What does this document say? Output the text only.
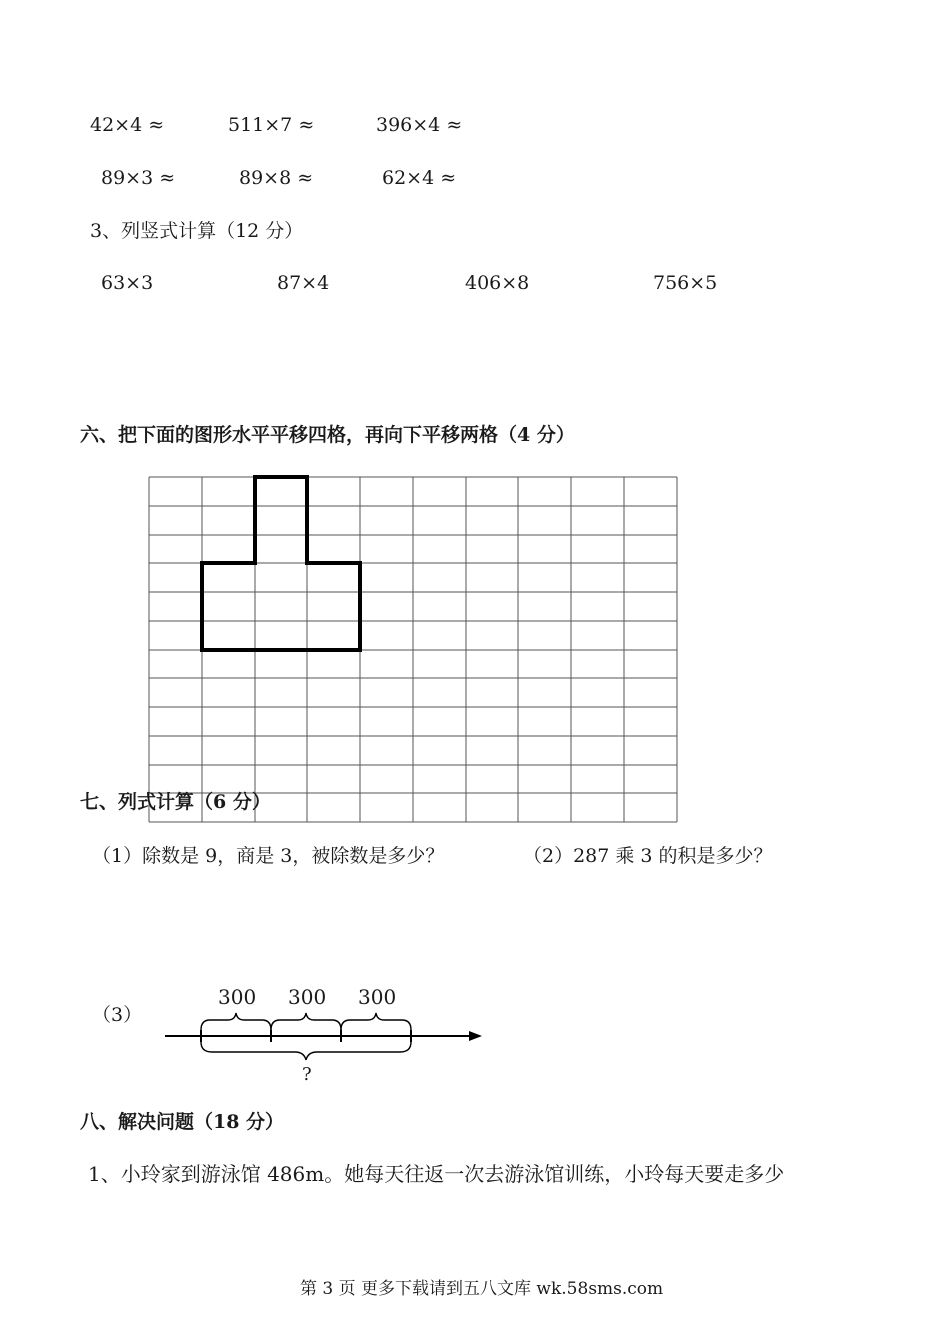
42×4 ≈	511×7 ≈	396×4 ≈
89×3 ≈	89×8 ≈	62×4 ≈
3、列竖式计算（12 分）
63×3	87×4	406×8	756×5
六、把下面的图形水平平移四格，再向下平移两格（4 分）
七、列式计算（6 分）
（1）除数是 9，商是 3，被除数是多少？	（2）287 乘 3 的积是多少？
（3）
300 300 300
?
八、解决问题（18 分）
1、小玲家到游泳馆 486m。她每天往返一次去游泳馆训练，小玲每天要走多少
第 3 页 更多下载请到五八文库 wk.58sms.com
